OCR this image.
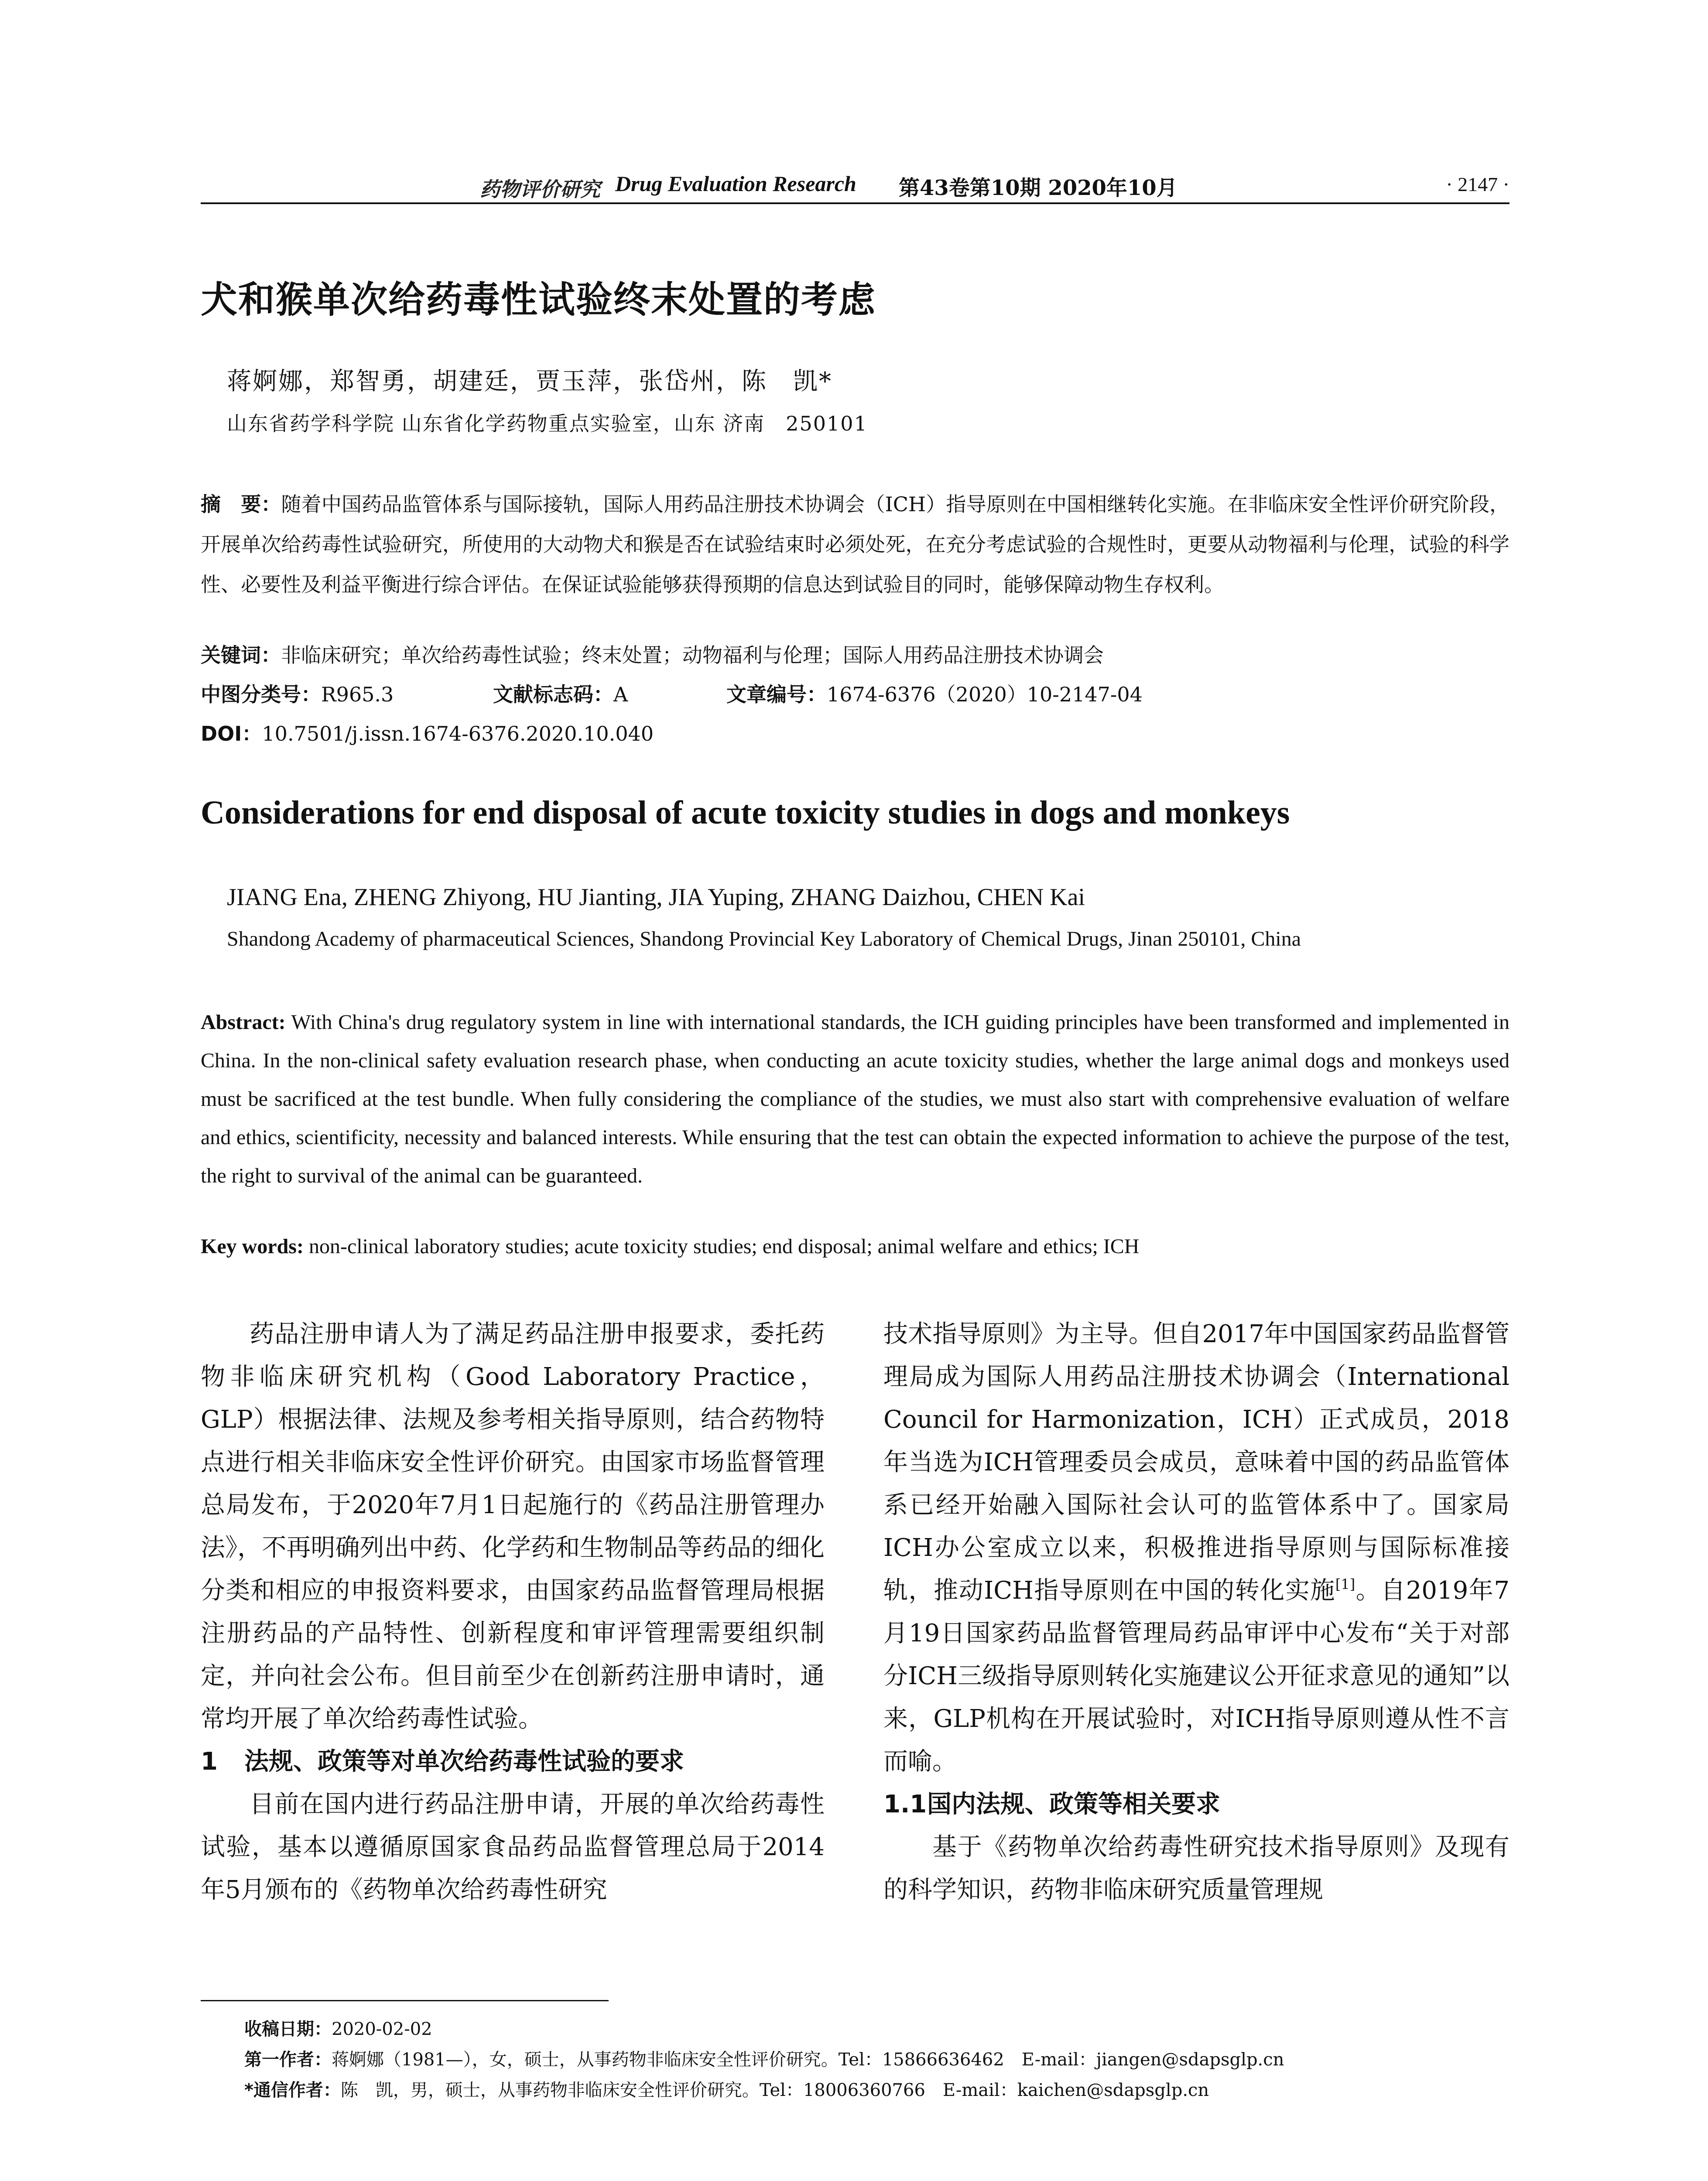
药物评价研究 Drug Evaluation Research 第43卷第10期 2020年10月	· 2147 ·
犬和猴单次给药毒性试验终末处置的考虑
蒋婀娜，郑智勇，胡建廷，贾玉萍，张岱州，陈　凯*
山东省药学科学院 山东省化学药物重点实验室，山东 济南　250101
摘　要：随着中国药品监管体系与国际接轨，国际人用药品注册技术协调会（ICH）指导原则在中国相继转化实施。在非临床安全性评价研究阶段，开展单次给药毒性试验研究，所使用的大动物犬和猴是否在试验结束时必须处死，在充分考虑试验的合规性时，更要从动物福利与伦理，试验的科学性、必要性及利益平衡进行综合评估。在保证试验能够获得预期的信息达到试验目的同时，能够保障动物生存权利。
关键词：非临床研究；单次给药毒性试验；终末处置；动物福利与伦理；国际人用药品注册技术协调会
中图分类号：R965.3	文献标志码：A	文章编号：1674-6376（2020）10-2147-04
DOI：10.7501/j.issn.1674-6376.2020.10.040
Considerations for end disposal of acute toxicity studies in dogs and monkeys
JIANG Ena, ZHENG Zhiyong, HU Jianting, JIA Yuping, ZHANG Daizhou, CHEN Kai
Shandong Academy of pharmaceutical Sciences, Shandong Provincial Key Laboratory of Chemical Drugs, Jinan 250101, China
Abstract: With China's drug regulatory system in line with international standards, the ICH guiding principles have been transformed and implemented in China. In the non-clinical safety evaluation research phase, when conducting an acute toxicity studies, whether the large animal dogs and monkeys used must be sacrificed at the test bundle. When fully considering the compliance of the studies, we must also start with comprehensive evaluation of welfare and ethics, scientificity, necessity and balanced interests. While ensuring that the test can obtain the expected information to achieve the purpose of the test, the right to survival of the animal can be guaranteed.
Key words: non-clinical laboratory studies; acute toxicity studies; end disposal; animal welfare and ethics; ICH
药品注册申请人为了满足药品注册申报要求，委托药物非临床研究机构（Good Laboratory Practice，GLP）根据法律、法规及参考相关指导原则，结合药物特点进行相关非临床安全性评价研究。由国家市场监督管理总局发布，于2020年7月1日起施行的《药品注册管理办法》，不再明确列出中药、化学药和生物制品等药品的细化分类和相应的申报资料要求，由国家药品监督管理局根据注册药品的产品特性、创新程度和审评管理需要组织制定，并向社会公布。但目前至少在创新药注册申请时，通常均开展了单次给药毒性试验。
1 法规、政策等对单次给药毒性试验的要求
目前在国内进行药品注册申请，开展的单次给药毒性试验，基本以遵循原国家食品药品监督管理总局于2014年5月颁布的《药物单次给药毒性研究
技术指导原则》为主导。但自2017年中国国家药品监督管理局成为国际人用药品注册技术协调会（International Council for Harmonization，ICH）正式成员，2018年当选为ICH管理委员会成员，意味着中国的药品监管体系已经开始融入国际社会认可的监管体系中了。国家局ICH办公室成立以来，积极推进指导原则与国际标准接轨，推动ICH指导原则在中国的转化实施[1]。自2019年7月19日国家药品监督管理局药品审评中心发布“关于对部分ICH三级指导原则转化实施建议公开征求意见的通知”以来，GLP机构在开展试验时，对ICH指导原则遵从性不言而喻。
1.1国内法规、政策等相关要求
基于《药物单次给药毒性研究技术指导原则》及现有的科学知识，药物非临床研究质量管理规
收稿日期：2020-02-02
第一作者：蒋婀娜（1981—），女，硕士，从事药物非临床安全性评价研究。Tel：15866636462　E-mail：jiangen@sdapsglp.cn
*通信作者：陈　凯，男，硕士，从事药物非临床安全性评价研究。Tel：18006360766　E-mail：kaichen@sdapsglp.cn
